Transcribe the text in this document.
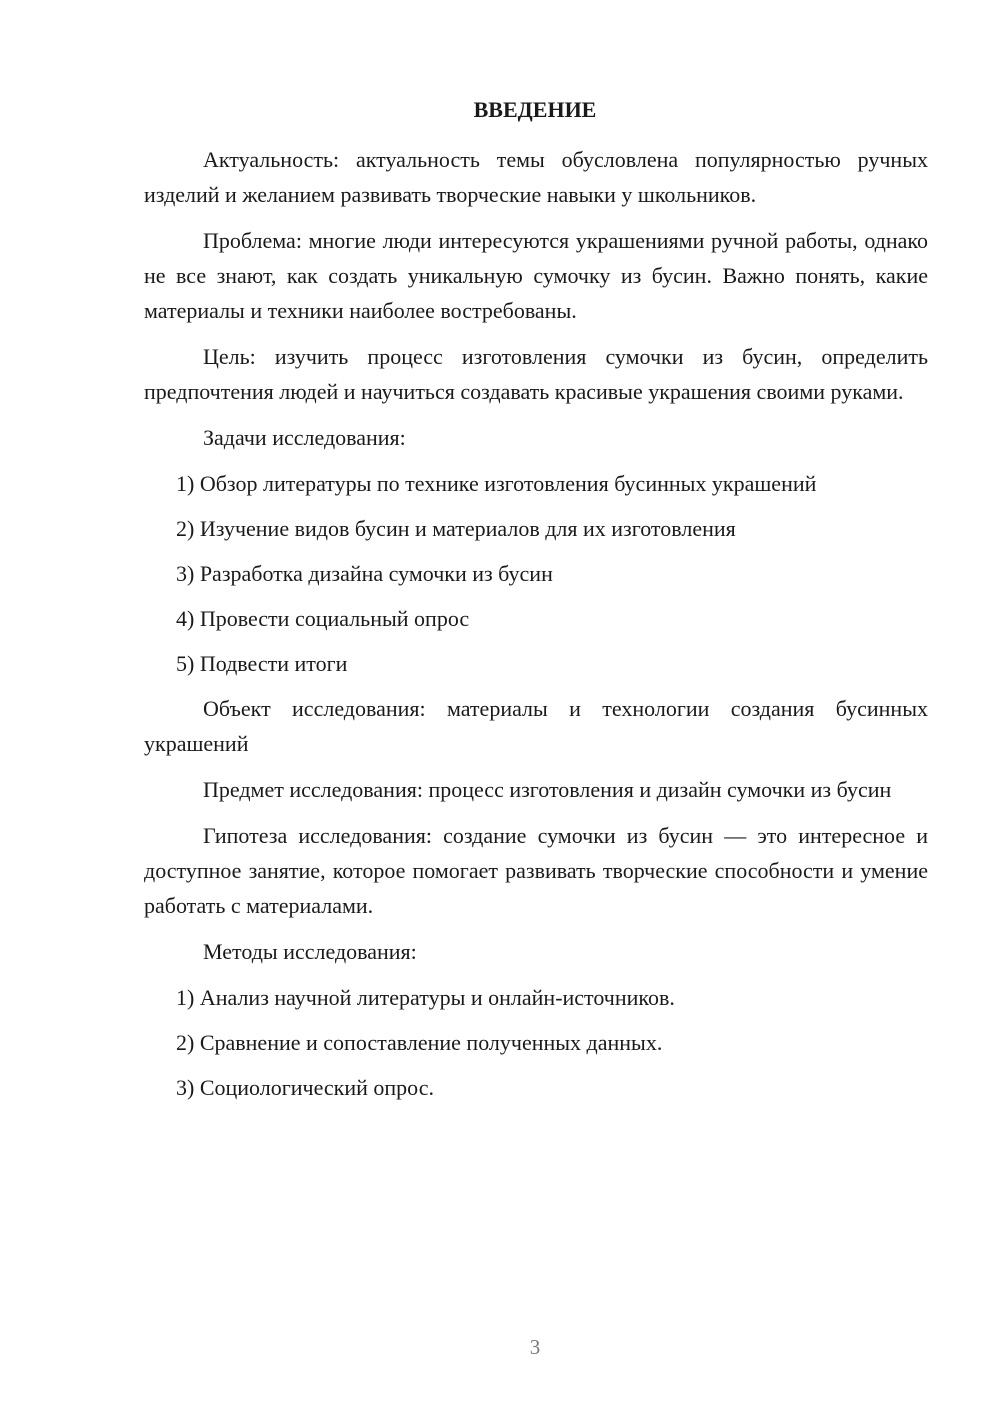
ВВЕДЕНИЕ

Актуальность: актуальность темы обусловлена популярностью ручных изделий и желанием развивать творческие навыки у школьников.

Проблема: многие люди интересуются украшениями ручной работы, однако не все знают, как создать уникальную сумочку из бусин. Важно понять, какие материалы и техники наиболее востребованы.

Цель: изучить процесс изготовления сумочки из бусин, определить предпочтения людей и научиться создавать красивые украшения своими руками.

Задачи исследования:

1) Обзор литературы по технике изготовления бусинных украшений

2) Изучение видов бусин и материалов для их изготовления

3) Разработка дизайна сумочки из бусин

4) Провести социальный опрос

5) Подвести итоги

Объект исследования: материалы и технологии создания бусинных украшений

Предмет исследования: процесс изготовления и дизайн сумочки из бусин

Гипотеза исследования: создание сумочки из бусин — это интересное и доступное занятие, которое помогает развивать творческие способности и умение работать с материалами.

Методы исследования:

1) Анализ научной литературы и онлайн-источников.

2) Сравнение и сопоставление полученных данных.

3) Социологический опрос.

3
